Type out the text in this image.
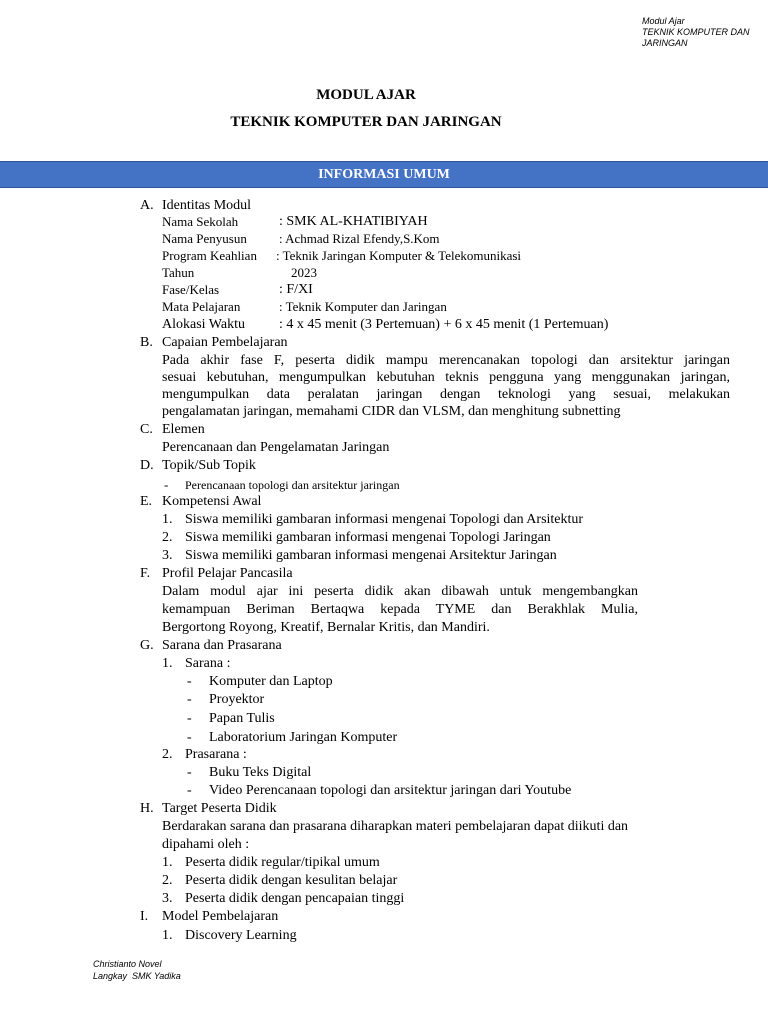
Modul Ajar
TEKNIK KOMPUTER DAN
JARINGAN
MODUL AJAR
TEKNIK KOMPUTER DAN JARINGAN
INFORMASI UMUM
A. Identitas Modul
Nama Sekolah	: SMK AL-KHATIBIYAH
Nama Penyusun : Achmad Rizal Efendy,S.Kom
Program Keahlian : Teknik Jaringan Komputer & Telekomunikasi
Tahun	2023
Fase/Kelas	: F/XI
Mata Pelajaran	: Teknik Komputer dan Jaringan
Alokasi Waktu : 4 x 45 menit (3 Pertemuan) + 6 x 45 menit (1 Pertemuan)
B. Capaian Pembelajaran
Pada akhir fase F, peserta didik mampu merencanakan topologi dan arsitektur jaringan
sesuai kebutuhan, mengumpulkan kebutuhan teknis pengguna yang menggunakan jaringan,
mengumpulkan data peralatan jaringan dengan teknologi yang sesuai, melakukan
pengalamatan jaringan, memahami CIDR dan VLSM, dan menghitung subnetting
C. Elemen
Perencanaan dan Pengelamatan Jaringan
D. Topik/Sub Topik
- Perencanaan topologi dan arsitektur jaringan
E. Kompetensi Awal
1. Siswa memiliki gambaran informasi mengenai Topologi dan Arsitektur
2. Siswa memiliki gambaran informasi mengenai Topologi Jaringan
3. Siswa memiliki gambaran informasi mengenai Arsitektur Jaringan
F. Profil Pelajar Pancasila
Dalam modul ajar ini peserta didik akan dibawah untuk mengembangkan
kemampuan Beriman Bertaqwa kepada TYME dan Berakhlak Mulia,
Bergortong Royong, Kreatif, Bernalar Kritis, dan Mandiri.
G. Sarana dan Prasarana
1. Sarana :
- Komputer dan Laptop
- Proyektor
- Papan Tulis
- Laboratorium Jaringan Komputer
2. Prasarana :
- Buku Teks Digital
- Video Perencanaan topologi dan arsitektur jaringan dari Youtube
H. Target Peserta Didik
Berdarakan sarana dan prasarana diharapkan materi pembelajaran dapat diikuti dan
dipahami oleh :
1. Peserta didik regular/tipikal umum
2. Peserta didik dengan kesulitan belajar
3. Peserta didik dengan pencapaian tinggi
I. Model Pembelajaran
1. Discovery Learning
Christianto Novel
Langkay  SMK Yadika
